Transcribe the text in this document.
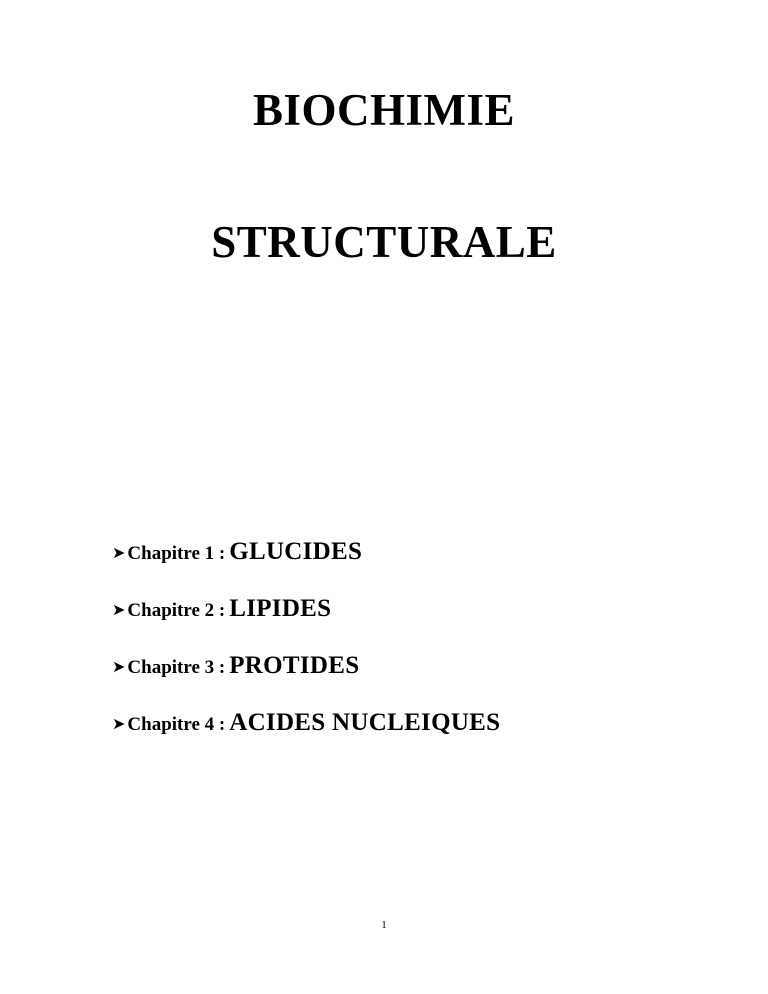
BIOCHIMIE
STRUCTURALE
➤ Chapitre 1 : GLUCIDES
➤ Chapitre 2 : LIPIDES
➤ Chapitre 3 : PROTIDES
➤ Chapitre 4 : ACIDES NUCLEIQUES
1
